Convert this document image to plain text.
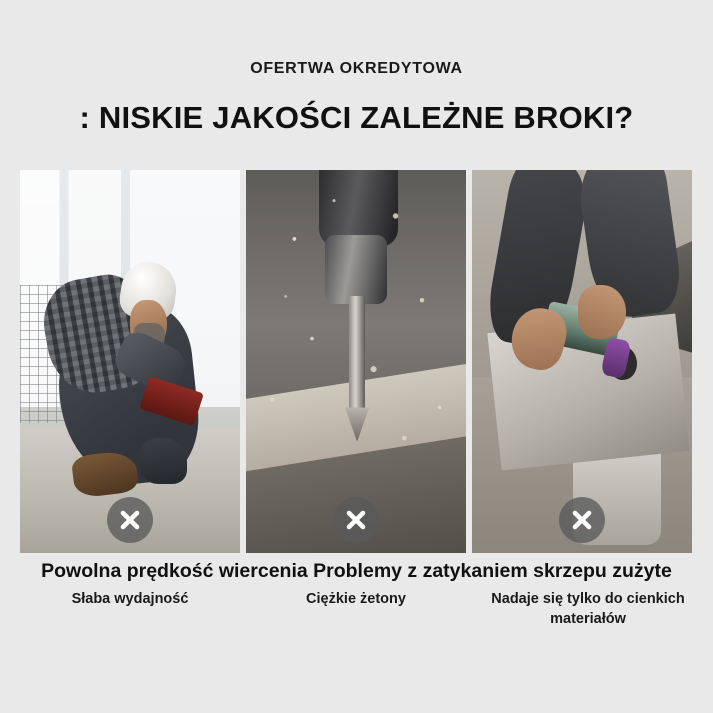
OFERTWA OKREDYTOWA
: NISKIE JAKOŚCI ZALEŻNE BROKI?
Powolna prędkość wiercenia Problemy z zatykaniem skrzepu zużyte
Słaba wydajność	Ciężkie żetony	Nadaje się tylko do cienkich materiałów
